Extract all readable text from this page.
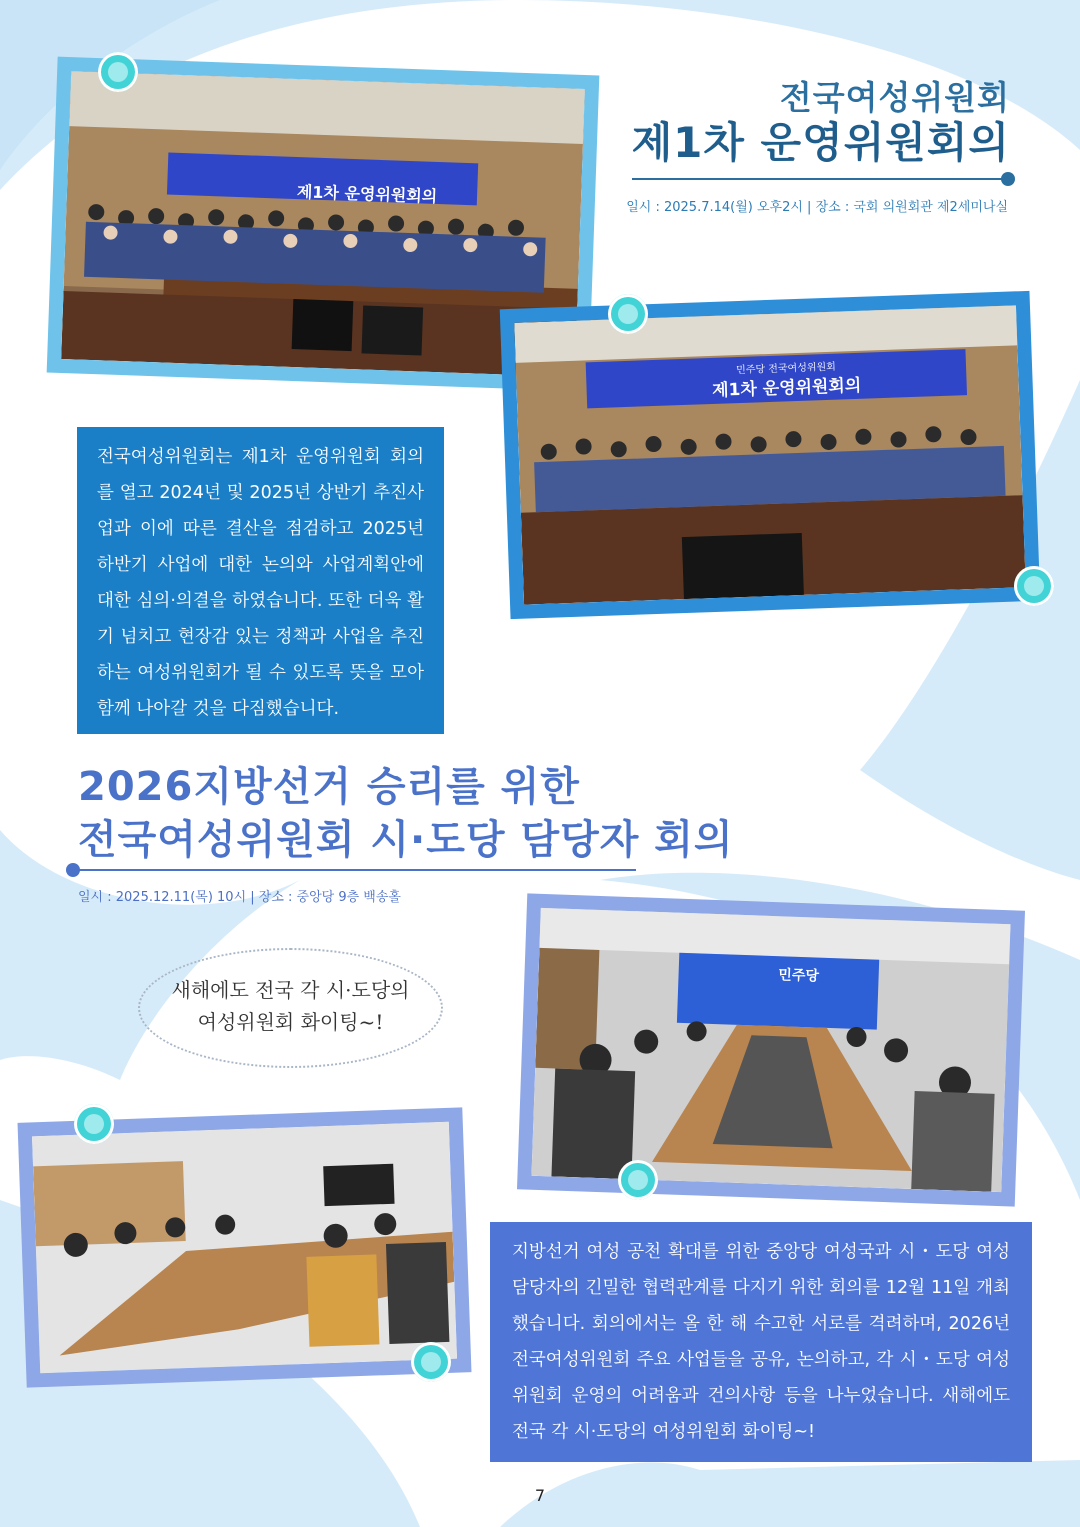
전국여성위원회
제1차 운영위원회의
일시 : 2025.7.14(월) 오후2시 | 장소 : 국회 의원회관 제2세미나실
제1차 운영위원회의
민주당 전국여성위원회
제1차 운영위원회의
전국여성위원회는 제1차 운영위원회 회의를 열고 2024년 및 2025년 상반기 추진사업과 이에 따른 결산을 점검하고 2025년 하반기 사업에 대한 논의와 사업계획안에 대한 심의·의결을 하였습니다. 또한 더욱 활기 넘치고 현장감 있는 정책과 사업을 추진하는 여성위원회가 될 수 있도록 뜻을 모아 함께 나아갈 것을 다짐했습니다.
2026지방선거 승리를 위한
전국여성위원회 시·도당 담당자 회의
일시 : 2025.12.11(목) 10시 | 장소 : 중앙당 9층 백송홀
새해에도 전국 각 시·도당의
여성위원회 화이팅~!
민주당
지방선거 여성 공천 확대를 위한 중앙당 여성국과 시・도당 여성 담당자의 긴밀한 협력관계를 다지기 위한 회의를 12월 11일 개최했습니다. 회의에서는 올 한 해 수고한 서로를 격려하며, 2026년 전국여성위원회 주요 사업들을 공유, 논의하고, 각 시・도당 여성위원회 운영의 어려움과 건의사항 등을 나누었습니다. 새해에도 전국 각 시·도당의 여성위원회 화이팅~!
7
